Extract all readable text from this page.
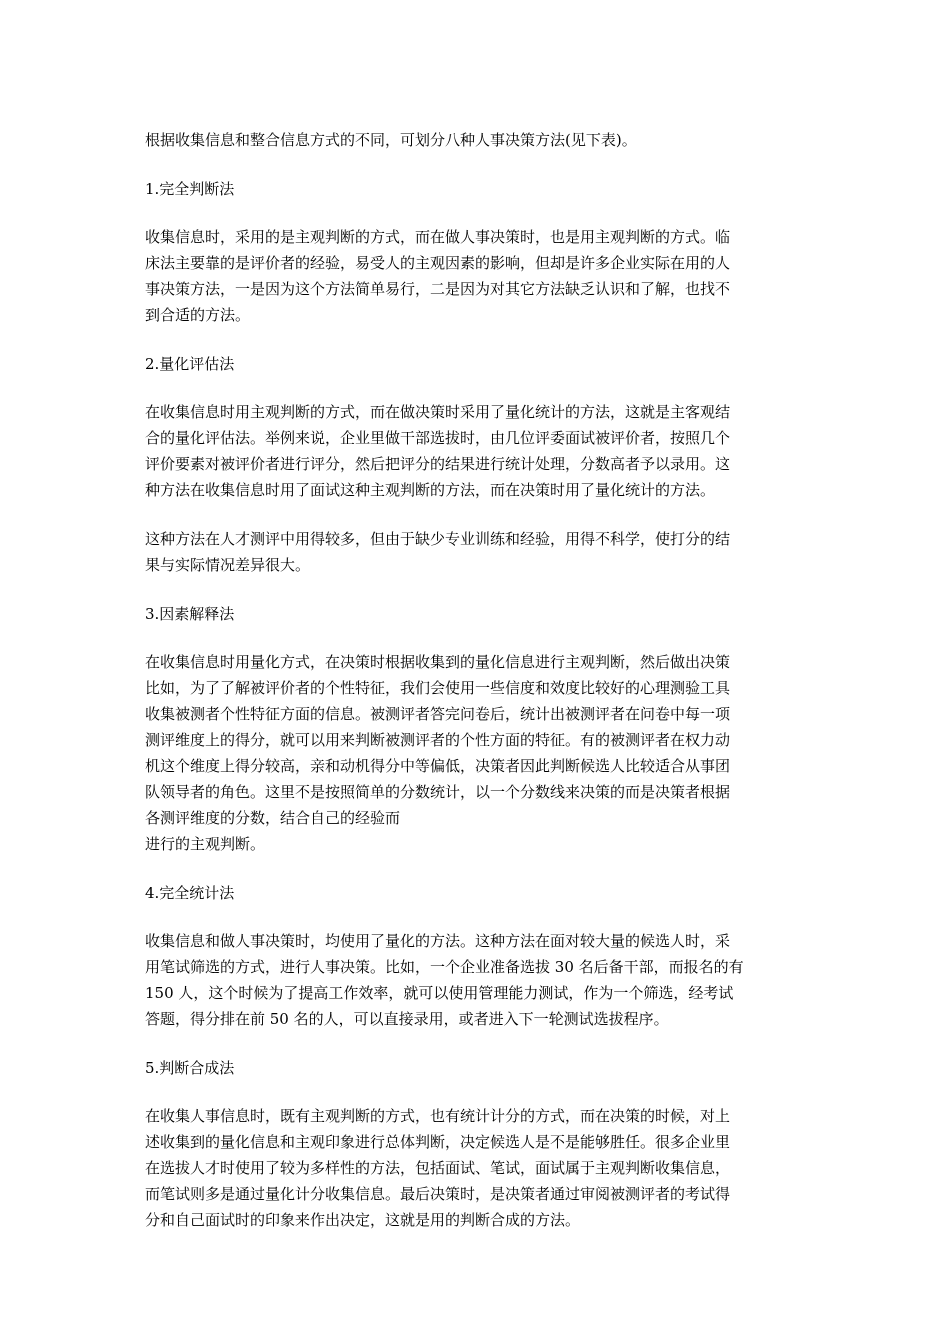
根据收集信息和整合信息方式的不同，可划分八种人事决策方法(见下表)。

1.完全判断法

收集信息时，采用的是主观判断的方式，而在做人事决策时，也是用主观判断的方式。临
床法主要靠的是评价者的经验，易受人的主观因素的影响，但却是许多企业实际在用的人
事决策方法，一是因为这个方法简单易行，二是因为对其它方法缺乏认识和了解，也找不
到合适的方法。

2.量化评估法

在收集信息时用主观判断的方式，而在做决策时采用了量化统计的方法，这就是主客观结
合的量化评估法。举例来说，企业里做干部选拔时，由几位评委面试被评价者，按照几个
评价要素对被评价者进行评分，然后把评分的结果进行统计处理，分数高者予以录用。这
种方法在收集信息时用了面试这种主观判断的方法，而在决策时用了量化统计的方法。

这种方法在人才测评中用得较多，但由于缺少专业训练和经验，用得不科学，使打分的结
果与实际情况差异很大。

3.因素解释法

在收集信息时用量化方式，在决策时根据收集到的量化信息进行主观判断，然后做出决策
比如，为了了解被评价者的个性特征，我们会使用一些信度和效度比较好的心理测验工具
收集被测者个性特征方面的信息。被测评者答完问卷后，统计出被测评者在问卷中每一项
测评维度上的得分，就可以用来判断被测评者的个性方面的特征。有的被测评者在权力动
机这个维度上得分较高，亲和动机得分中等偏低，决策者因此判断候选人比较适合从事团
队领导者的角色。这里不是按照简单的分数统计，以一个分数线来决策的而是决策者根据
各测评维度的分数，结合自己的经验而
进行的主观判断。

4.完全统计法

收集信息和做人事决策时，均使用了量化的方法。这种方法在面对较大量的候选人时，采
用笔试筛选的方式，进行人事决策。比如，一个企业准备选拔 30 名后备干部，而报名的有
150 人，这个时候为了提高工作效率，就可以使用管理能力测试，作为一个筛选，经考试
答题，得分排在前 50 名的人，可以直接录用，或者进入下一轮测试选拔程序。

5.判断合成法

在收集人事信息时，既有主观判断的方式，也有统计计分的方式，而在决策的时候，对上
述收集到的量化信息和主观印象进行总体判断，决定候选人是不是能够胜任。很多企业里
在选拔人才时使用了较为多样性的方法，包括面试、笔试，面试属于主观判断收集信息，
而笔试则多是通过量化计分收集信息。最后决策时，是决策者通过审阅被测评者的考试得
分和自己面试时的印象来作出决定，这就是用的判断合成的方法。
